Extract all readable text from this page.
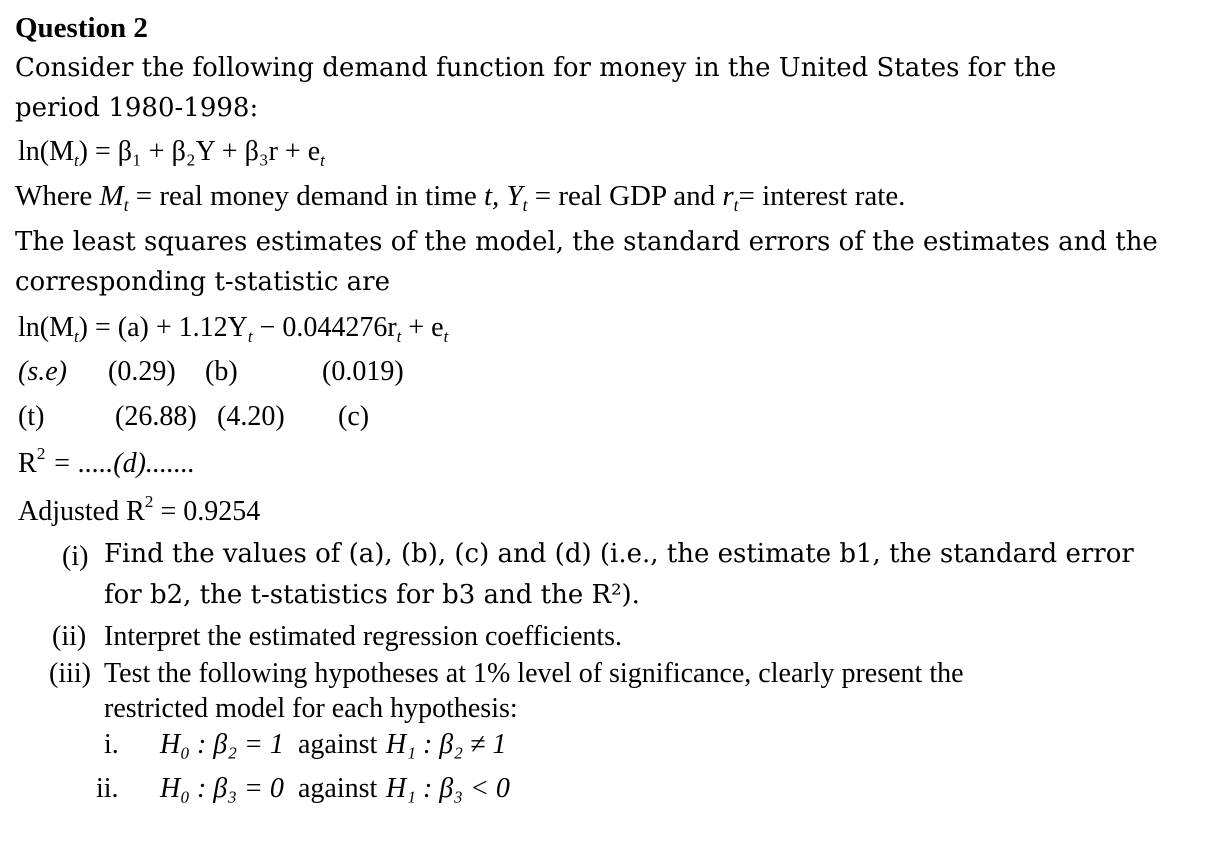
Question 2
Consider the following demand function for money in the United States for the
period 1980-1998:
$\ln(M_t) = \beta_1 + \beta_2Y + \beta_3r + e_t$
Where $M_t$ = real money demand in time t, $Y_t$ = real GDP and $r_t=$ interest rate.
The least squares estimates of the model, the standard errors of the estimates and the
corresponding t-statistic are
$\ln(M_t) = (a) + 1.12Y_t - 0.044276r_t + e_t$
(s.e) (0.29) (b)	(0.019)
(t)	(26.88) (4.20) (c)
$R^2 = .....(d)$.......
Adjusted $R^2 = 0.9254$
(i) Find the values of (a), (b), (c) and (d) (i.e., the estimate b1, the standard error
for b2, the t-statistics for b3 and the R²).
(ii) Interpret the estimated regression coefficients.
(iii) Test the following hypotheses at 1% level of significance, clearly present the
restricted model for each hypothesis:
i. H₀ : β₂ = 1 against H₁ : β₂ ≠ 1
ii. H₀ : β₃ = 0 against H₁ : β₃ < 0
